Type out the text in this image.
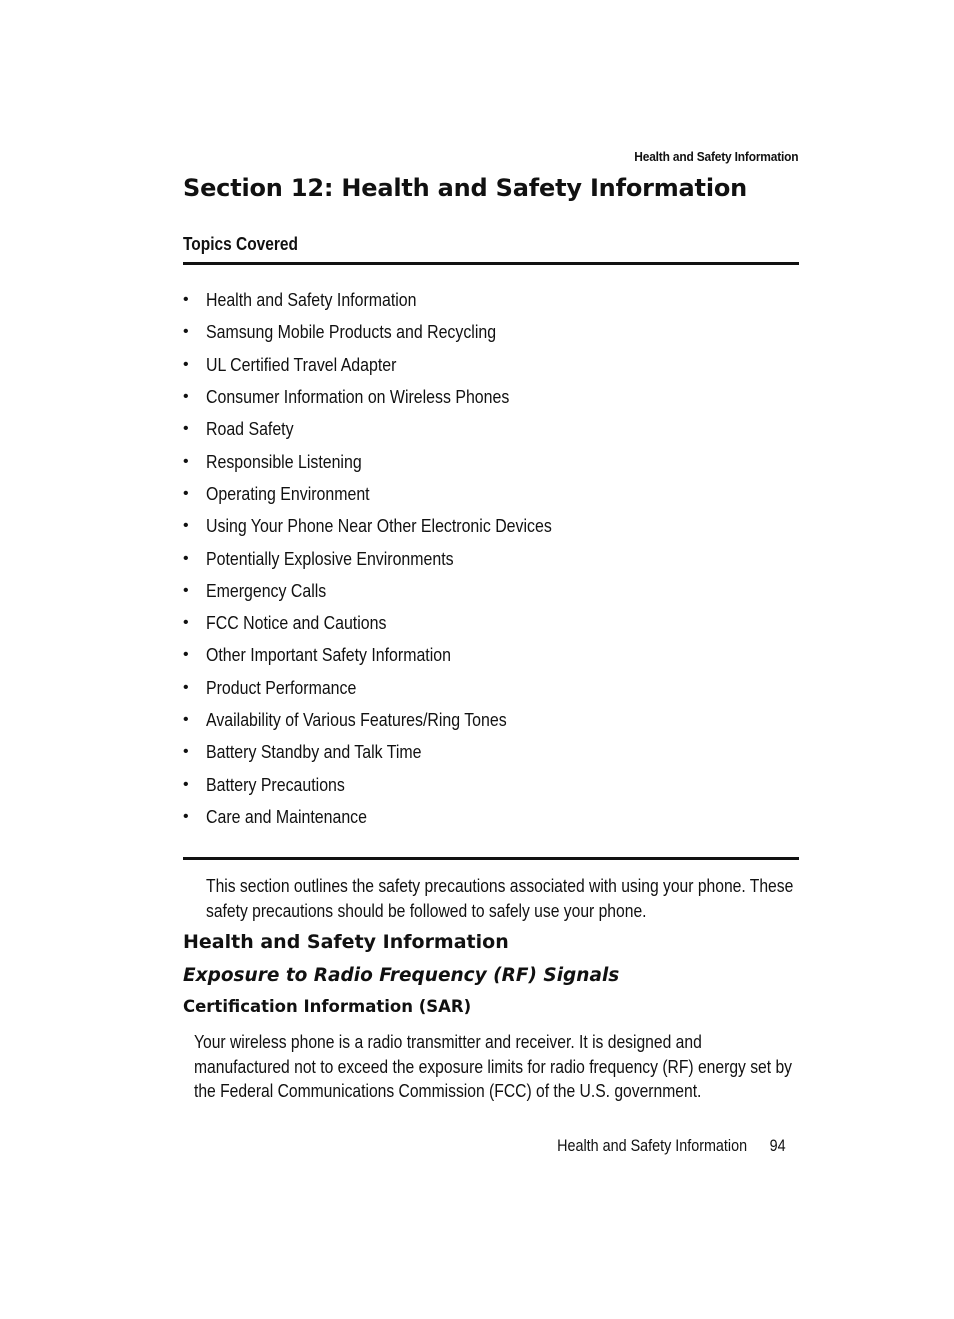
Health and Safety Information
Section 12: Health and Safety Information
Topics Covered
• Health and Safety Information
• Samsung Mobile Products and Recycling
• UL Certified Travel Adapter
• Consumer Information on Wireless Phones
• Road Safety
• Responsible Listening
• Operating Environment
• Using Your Phone Near Other Electronic Devices
• Potentially Explosive Environments
• Emergency Calls
• FCC Notice and Cautions
• Other Important Safety Information
• Product Performance
• Availability of Various Features/Ring Tones
• Battery Standby and Talk Time
• Battery Precautions
• Care and Maintenance

This section outlines the safety precautions associated with using your phone. These safety precautions should be followed to safely use your phone.

Health and Safety Information
Exposure to Radio Frequency (RF) Signals
Certification Information (SAR)

Your wireless phone is a radio transmitter and receiver. It is designed and manufactured not to exceed the exposure limits for radio frequency (RF) energy set by the Federal Communications Commission (FCC) of the U.S. government.

Health and Safety Information 94
